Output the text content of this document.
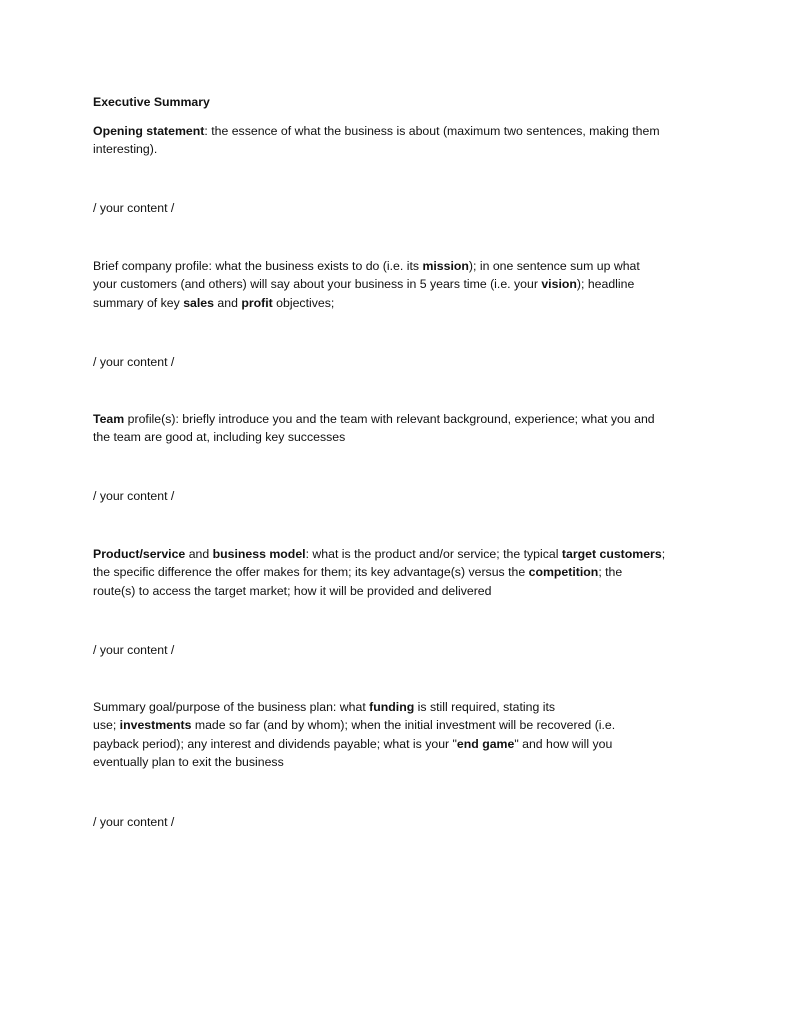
Executive Summary

Opening statement: the essence of what the business is about (maximum two sentences, making them
interesting).

/ your content /

Brief company profile: what the business exists to do (i.e. its mission); in one sentence sum up what
your customers (and others) will say about your business in 5 years time (i.e. your vision); headline
summary of key sales and profit objectives;

/ your content /

Team profile(s): briefly introduce you and the team with relevant background, experience; what you and
the team are good at, including key successes

/ your content /

Product/service and business model: what is the product and/or service; the typical target customers;
the specific difference the offer makes for them; its key advantage(s) versus the competition; the
route(s) to access the target market; how it will be provided and delivered

/ your content /

Summary goal/purpose of the business plan: what funding is still required, stating its
use; investments made so far (and by whom); when the initial investment will be recovered (i.e.
payback period); any interest and dividends payable; what is your "end game" and how will you
eventually plan to exit the business

/ your content /
